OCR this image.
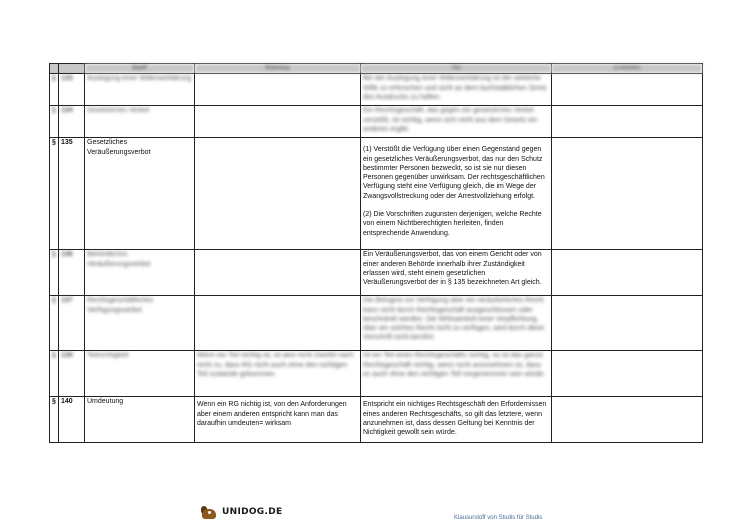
		Begriff	Bedeutung	Text	zu beachten
§	133	Auslegung einer Willenserklärung		Bei der Auslegung einer Willenserklärung ist der wirkliche Wille zu erforschen und nicht an dem buchstäblichen Sinne des Ausdrucks zu haften.	

§	134	Gesetzliches Verbot		Ein Rechtsgeschäft, das gegen ein gesetzliches Verbot verstößt, ist nichtig, wenn sich nicht aus dem Gesetz ein anderes ergibt.	

§	135	Gesetzliches Veräußerungsverbot		(1) Verstößt die Verfügung über einen Gegenstand gegen ein gesetzliches Veräußerungsverbot, das nur den Schutz bestimmter Personen bezweckt, so ist sie nur diesen Personen gegenüber unwirksam. Der rechtsgeschäftlichen Verfügung steht eine Verfügung gleich, die im Wege der Zwangsvollstreckung oder der Arrestvollziehung erfolgt.

(2) Die Vorschriften zugunsten derjenigen, welche Rechte von einem Nichtberechtigten herleiten, finden entsprechende Anwendung.	

§	136	Behördliches Veräußerungsverbot		Ein Veräußerungsverbot, das von einem Gericht oder von einer anderen Behörde innerhalb ihrer Zuständigkeit erlassen wird, steht einem gesetzlichen Veräußerungsverbot der in § 135 bezeichneten Art gleich.	

§	137	Rechtsgeschäftliches Verfügungsverbot		Die Befugnis zur Verfügung über ein veräußerliches Recht kann nicht durch Rechtsgeschäft ausgeschlossen oder beschränkt werden. Die Wirksamkeit einer Verpflichtung, über ein solches Recht nicht zu verfügen, wird durch diese Vorschrift nicht berührt.	

§	139	Teilnichtigkeit	Wenn ein Teil nichtig ist, ist also nicht Zweifel nach nicht zu, dass RG nicht auch ohne den nichtigen Teil zustande gekommen.	Ist ein Teil eines Rechtsgeschäfts nichtig, so ist das ganze Rechtsgeschäft nichtig, wenn nicht anzunehmen ist, dass es auch ohne den nichtigen Teil vorgenommen sein würde.	

§	140	Umdeutung	Wenn ein RG nichtig ist, von den Anforderungen aber einem anderen entspricht kann man das daraufhin umdeuten= wirksam	Entspricht ein nichtiges Rechtsgeschäft den Erfordernissen eines anderen Rechtsgeschäfts, so gilt das letztere, wenn anzunehmen ist, dass dessen Geltung bei Kenntnis der Nichtigkeit gewollt sein würde.	

UNIDOG.DE
Klausurstoff von Studis für Studis
